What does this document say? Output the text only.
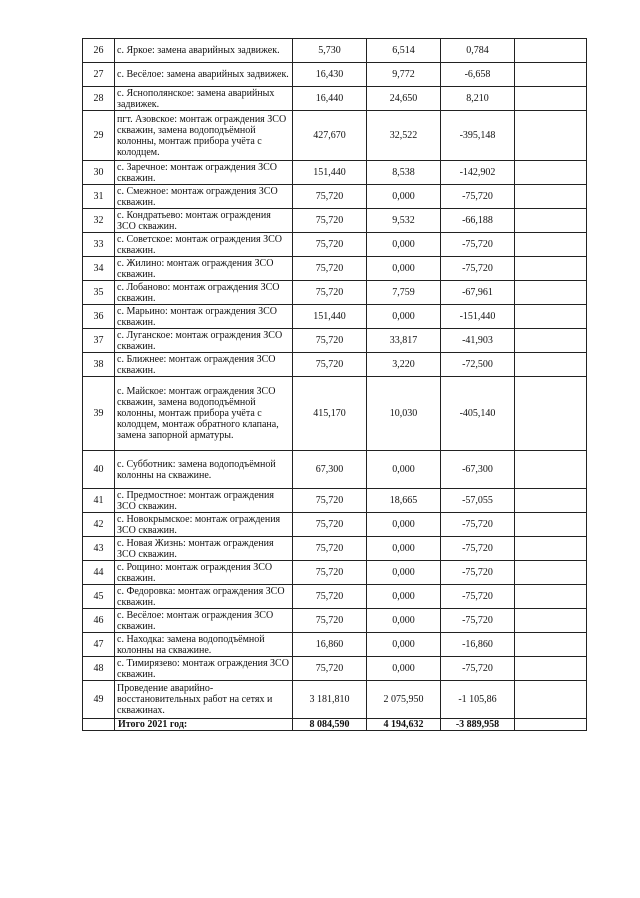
26	с. Яркое: замена аварийных задвижек.	5,730	6,514	0,784	
27	с. Весёлое: замена аварийных задвижек.	16,430	9,772	-6,658	
28	с. Яснополянское: замена аварийных задвижек.	16,440	24,650	8,210	
29	пгт. Азовское: монтаж ограждения ЗСО скважин, замена водоподъёмной колонны, монтаж прибора учёта с колодцем.	427,670	32,522	-395,148	
30	с. Заречное: монтаж ограждения ЗСО скважин.	151,440	8,538	-142,902	
31	с. Смежное: монтаж ограждения ЗСО скважин.	75,720	0,000	-75,720	
32	с. Кондратьево: монтаж ограждения ЗСО скважин.	75,720	9,532	-66,188	
33	с. Советское: монтаж ограждения ЗСО скважин.	75,720	0,000	-75,720	
34	с. Жилино: монтаж ограждения ЗСО скважин.	75,720	0,000	-75,720	
35	с. Лобаново: монтаж ограждения ЗСО скважин.	75,720	7,759	-67,961	
36	с. Марьино: монтаж ограждения ЗСО скважин.	151,440	0,000	-151,440	
37	с. Луганское: монтаж ограждения ЗСО скважин.	75,720	33,817	-41,903	
38	с. Ближнее: монтаж ограждения ЗСО скважин.	75,720	3,220	-72,500	
39	с. Майское: монтаж ограждения ЗСО скважин, замена водоподъёмной колонны, монтаж прибора учёта с колодцем, монтаж обратного клапана, замена запорной арматуры.	415,170	10,030	-405,140	
40	с. Субботник: замена водоподъёмной колонны на скважине.	67,300	0,000	-67,300	
41	с. Предмостное: монтаж ограждения ЗСО скважин.	75,720	18,665	-57,055	
42	с. Новокрымское: монтаж ограждения ЗСО скважин.	75,720	0,000	-75,720	
43	с. Новая Жизнь: монтаж ограждения ЗСО скважин.	75,720	0,000	-75,720	
44	с. Рощино: монтаж ограждения ЗСО скважин.	75,720	0,000	-75,720	
45	с. Федоровка: монтаж ограждения ЗСО скважин.	75,720	0,000	-75,720	
46	с. Весёлое: монтаж ограждения ЗСО скважин.	75,720	0,000	-75,720	
47	с. Находка: замена водоподъёмной колонны на скважине.	16,860	0,000	-16,860	
48	с. Тимирязево: монтаж ограждения ЗСО скважин.	75,720	0,000	-75,720	
49	Проведение аварийно-восстановительных работ на сетях и скважинах.	3 181,810	2 075,950	-1 105,86	
	Итого 2021 год:	8 084,590	4 194,632	-3 889,958	
